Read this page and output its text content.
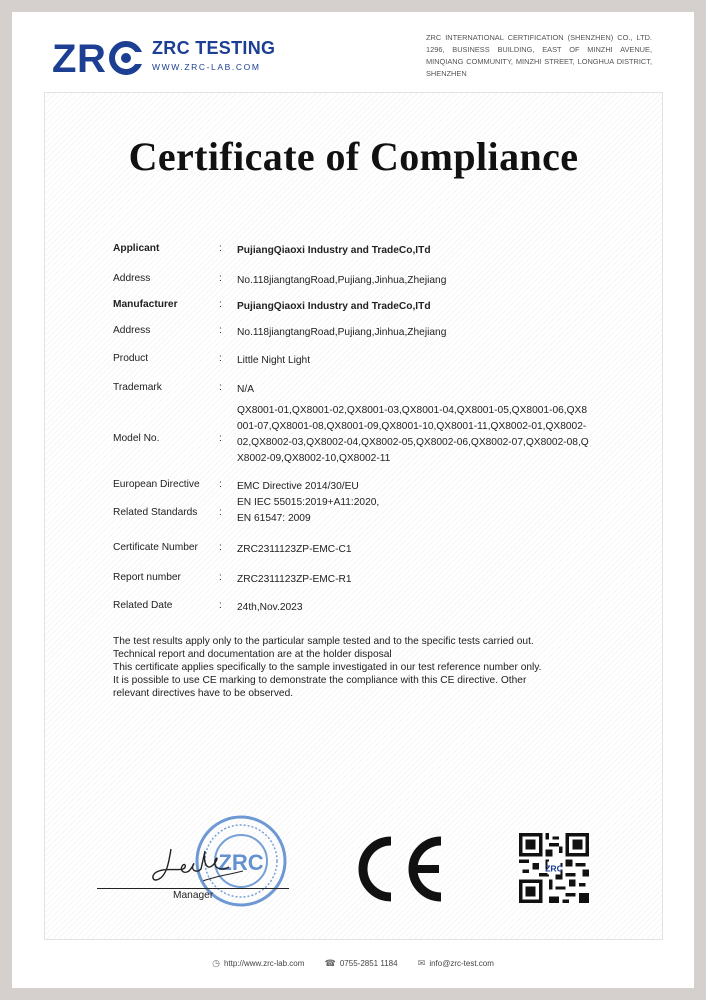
Z R	ZRC TESTING
WWW.ZRC-LAB.COM
ZRC INTERNATIONAL CERTIFICATION (SHENZHEN) CO., LTD. 1296, BUSINESS BUILDING, EAST OF MINZHI AVENUE, MINQIANG COMMUNITY, MINZHI STREET, LONGHUA DISTRICT, SHENZHEN
Certificate of Compliance
Applicant	: PujiangQiaoxi Industry and TradeCo,ITd
Address	: No.118jiangtangRoad,Pujiang,Jinhua,Zhejiang
Manufacturer	: PujiangQiaoxi Industry and TradeCo,ITd
Address	: No.118jiangtangRoad,Pujiang,Jinhua,Zhejiang
Product	: Little Night Light
Trademark	: N/A
Model No.	:
QX8001-01,QX8001-02,QX8001-03,QX8001-04,QX8001-05,QX8001-06,QX8
001-07,QX8001-08,QX8001-09,QX8001-10,QX8001-11,QX8002-01,QX8002-
02,QX8002-03,QX8002-04,QX8002-05,QX8002-06,QX8002-07,QX8002-08,Q
X8002-09,QX8002-10,QX8002-11
European Directive	: EMC Directive 2014/30/EU
Related Standards	:
EN IEC 55015:2019+A11:2020,
EN 61547: 2009
Certificate Number	: ZRC2311123ZP-EMC-C1
Report number	: ZRC2311123ZP-EMC-R1
Related Date	: 24th,Nov.2023
The test results apply only to the particular sample tested and to the specific tests carried out.
Technical report and documentation are at the holder disposal
This certificate applies specifically to the sample investigated in our test reference number only.
It is possible to use CE marking to demonstrate the compliance with this CE directive. Other
relevant directives have to be observed.
ZRC
Manager
ZRC
◷ http://www.zrc-lab.com ☎ 0755-2851 1184 ✉ info@zrc-test.com
